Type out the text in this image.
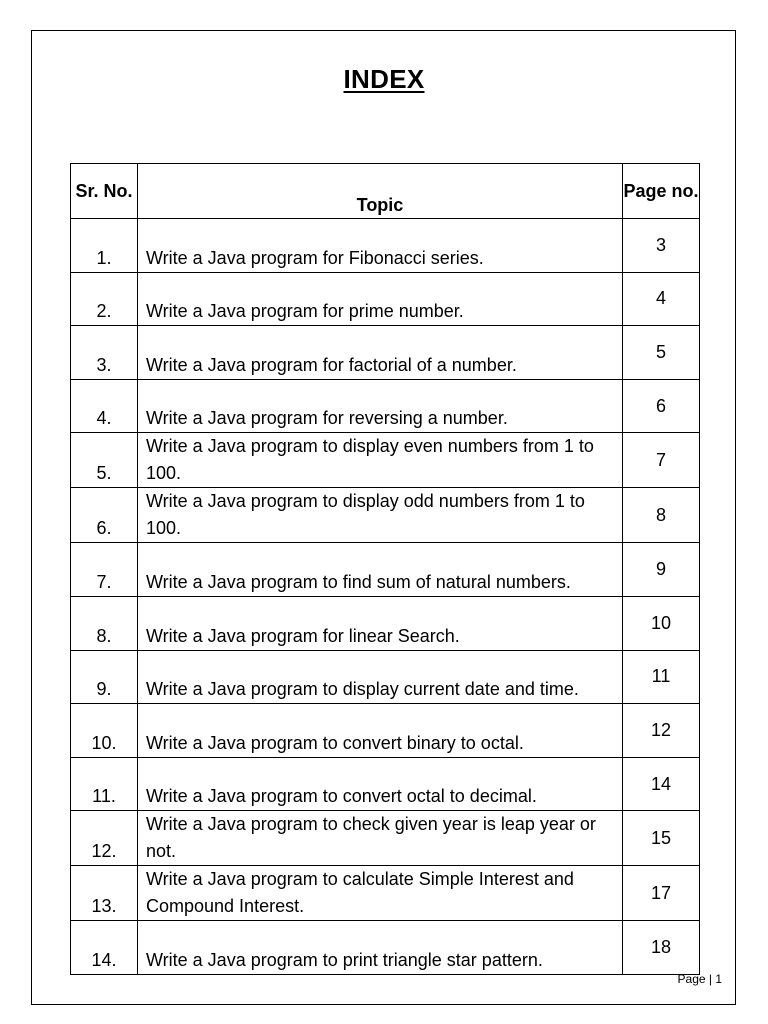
INDEX
Sr. No.	Topic	Page no.
1.	Write a Java program for Fibonacci series.	3
2.	Write a Java program for prime number.	4
3.	Write a Java program for factorial of a number.	5
4.	Write a Java program for reversing a number.	6
5.	Write a Java program to display even numbers from 1 to 100.	7
6.	Write a Java program to display odd numbers from 1 to 100.	8
7.	Write a Java program to find sum of natural numbers.	9
8.	Write a Java program for linear Search.	10
9.	Write a Java program to display current date and time.	11
10.	Write a Java program to convert binary to octal.	12
11.	Write a Java program to convert octal to decimal.	14
12.	Write a Java program to check given year is leap year or not.	15
13.	Write a Java program to calculate Simple Interest and Compound Interest.	17
14.	Write a Java program to print triangle star pattern.	18
Page | 1
